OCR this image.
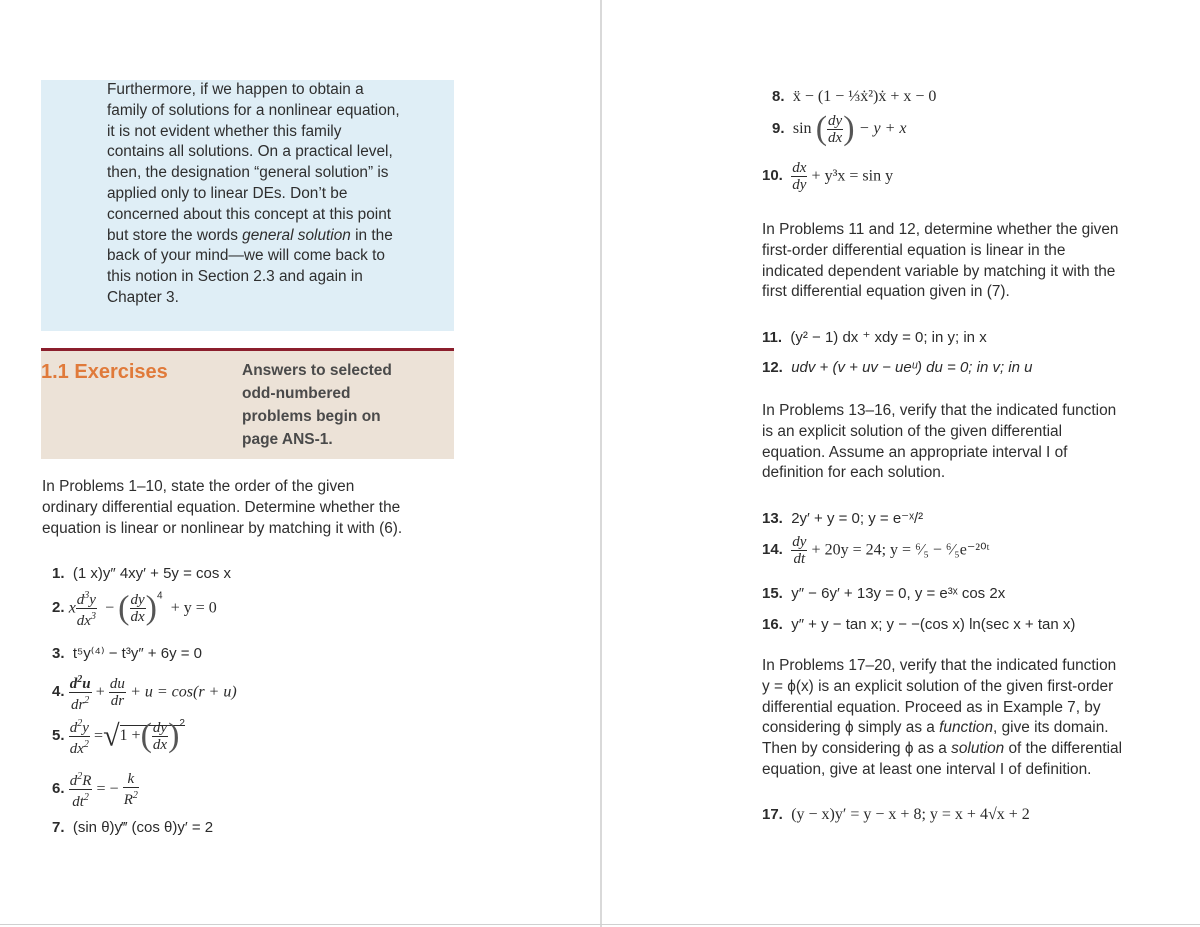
Furthermore, if we happen to obtain a
family of solutions for a nonlinear equation,
it is not evident whether this family
contains all solutions. On a practical level,
then, the designation “general solution” is
applied only to linear DEs. Don’t be
concerned about this concept at this point
but store the words general solution in the
back of your mind—we will come back to
this notion in Section 2.3 and again in
Chapter 3.
1.1 Exercises	Answers to selected
odd-numbered
problems begin on
page ANS-1.
In Problems 1–10, state the order of the given
ordinary differential equation. Determine whether the
equation is linear or nonlinear by matching it with (6).
1. (1 x)y″ 4xy′ + 5y = cos x
2. x $\frac{d^3y}{dx^3}$ − ( $\frac{dy}{dx} )^4 + y = 0$
3. t⁵y⁽⁴⁾ − t³y″ + 6y = 0
4. $\frac{d^2u}{dr^2} + \frac{du}{dr} + u = \cos(r + u)$
5. $\frac{d^2y}{dx^2} =√1$ +( $\frac{dy}{dx} )^2$
6. $\frac{d^2R}{dt^2}$ = − $\frac{k}{R^2}$
7. (sin θ)y‴ (cos θ)y′ = 2
8. ẍ − (1 − ⅓ẋ²)ẋ + x − 0
9. sin ( $\frac{dy}{dx}$ ) − y + x
10. $\frac{dx}{dy} + y^3x = \sin y$
In Problems 11 and 12, determine whether the given
first-order differential equation is linear in the
indicated dependent variable by matching it with the
first differential equation given in (7).
11. (y² − 1) dx ⁺ xdy = 0; in y; in x
12. udv + (v + uv − ueᵘ) du = 0; in v; in u
In Problems 13–16, verify that the indicated function
is an explicit solution of the given differential
equation. Assume an appropriate interval I of
definition for each solution.
13. 2y′ + y = 0; y = e⁻ˣ/²
14. $\frac{dy}{dt} + 20y = 24$; y = ⁶⁄₅ − ⁶⁄₅e⁻²⁰ᵗ
15. y″ − 6y′ + 13y = 0, y = e³ˣ cos 2x
16. y″ + y − tan x; y − −(cos x) ln(sec x + tan x)
In Problems 17–20, verify that the indicated function
y = ϕ(x) is an explicit solution of the given first-order
differential equation. Proceed as in Example 7, by
considering ϕ simply as a function, give its domain.
Then by considering ϕ as a solution of the differential
equation, give at least one interval I of definition.
17. (y − x)y′ = y − x + 8; y = x + 4√x + 2
